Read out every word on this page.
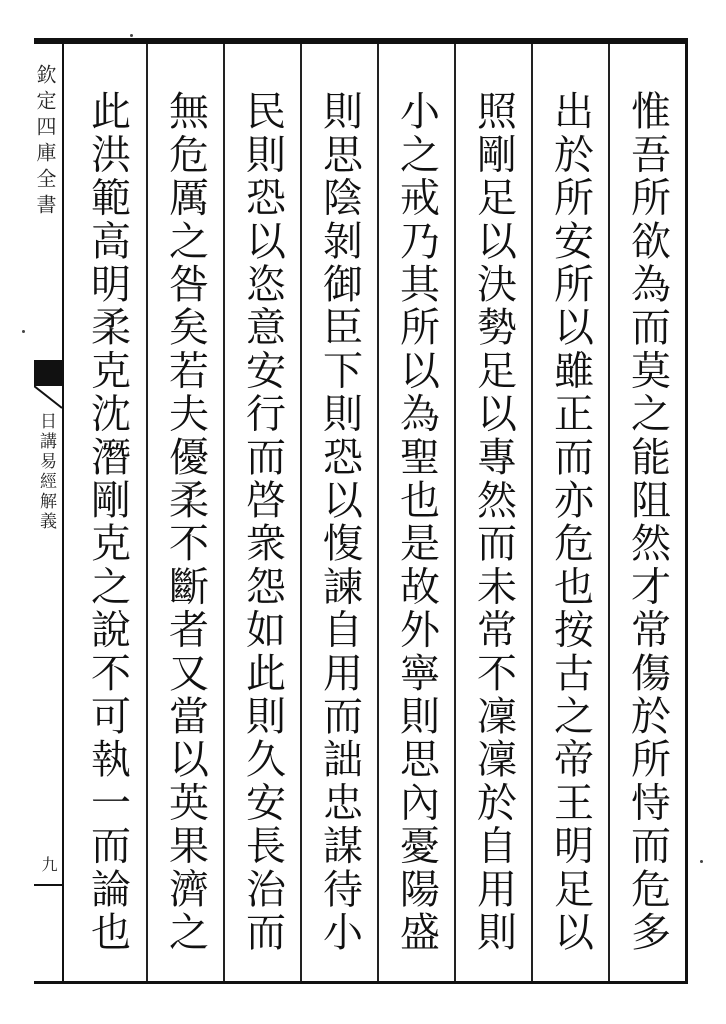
欽定四庫全書
日講易經解義
九	惟吾所欲為而莫之能阻然才常傷於所恃而危多
出於所安所以雖正而亦危也按古之帝王明足以
照剛足以決勢足以專然而未常不凜凜於自用則
小之戒乃其所以為聖也是故外寧則思內憂陽盛
則思陰剝御臣下則恐以愎諫自用而詘忠謀待小
民則恐以恣意安行而啓衆怨如此則久安長治而
無危厲之咎矣若夫優柔不斷者又當以英果濟之
此洪範高明柔克沈潛剛克之說不可執一而論也
